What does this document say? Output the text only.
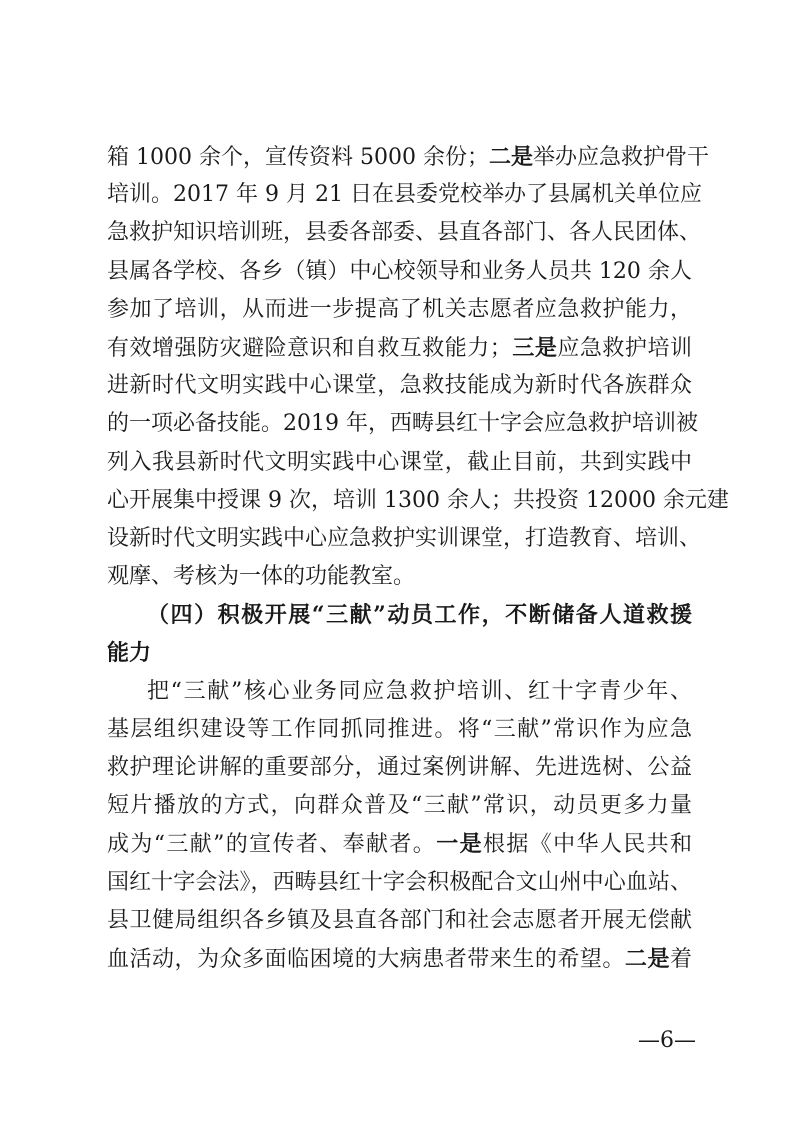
箱 1000 余个，宣传资料 5000 余份；二是举办应急救护骨干
培训。2017 年 9 月 21 日在县委党校举办了县属机关单位应
急救护知识培训班，县委各部委、县直各部门、各人民团体、
县属各学校、各乡（镇）中心校领导和业务人员共 120 余人
参加了培训，从而进一步提高了机关志愿者应急救护能力，
有效增强防灾避险意识和自救互救能力；三是应急救护培训
进新时代文明实践中心课堂，急救技能成为新时代各族群众
的一项必备技能。2019 年，西畴县红十字会应急救护培训被
列入我县新时代文明实践中心课堂，截止目前，共到实践中
心开展集中授课 9 次，培训 1300 余人；共投资 12000 余元建
设新时代文明实践中心应急救护实训课堂，打造教育、培训、
观摩、考核为一体的功能教室。
（四）积极开展“三献”动员工作，不断储备人道救援
能力
把“三献”核心业务同应急救护培训、红十字青少年、
基层组织建设等工作同抓同推进。将“三献”常识作为应急
救护理论讲解的重要部分，通过案例讲解、先进选树、公益
短片播放的方式，向群众普及“三献”常识，动员更多力量
成为“三献”的宣传者、奉献者。一是根据《中华人民共和
国红十字会法》，西畴县红十字会积极配合文山州中心血站、
县卫健局组织各乡镇及县直各部门和社会志愿者开展无偿献
血活动，为众多面临困境的大病患者带来生的希望。二是着
—6—
